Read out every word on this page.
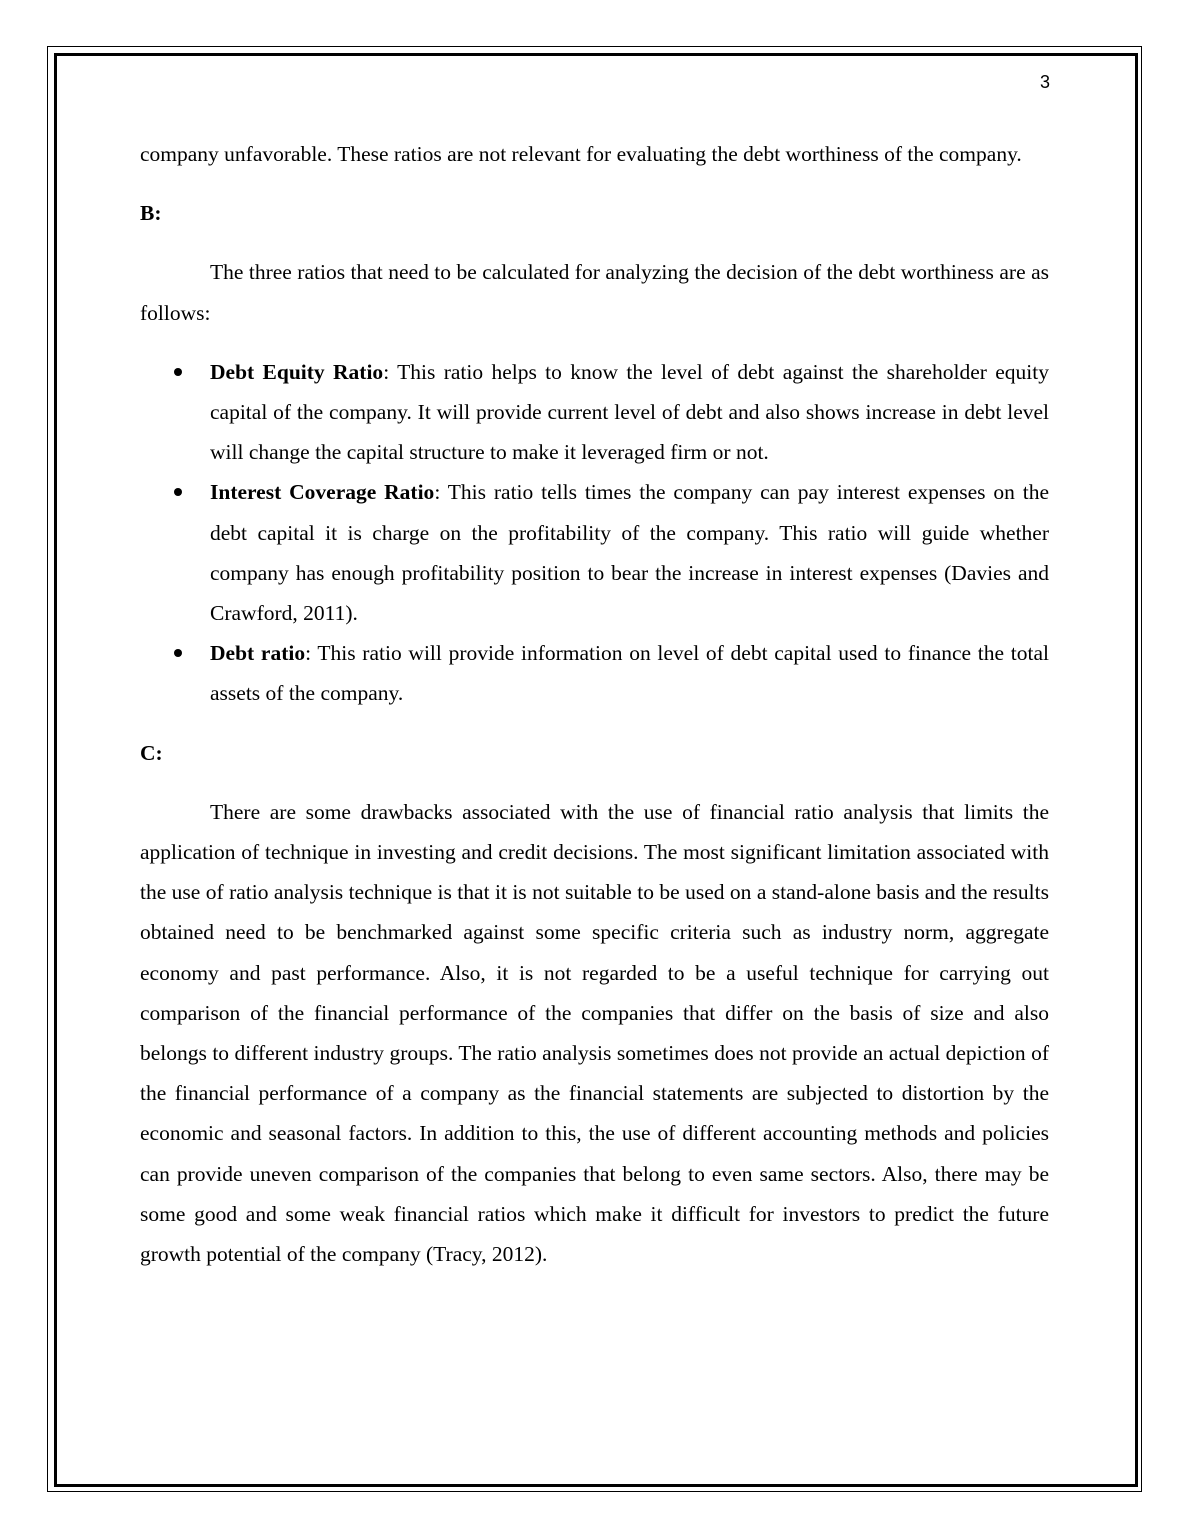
3

company unfavorable. These ratios are not relevant for evaluating the debt worthiness of the company.

B:

The three ratios that need to be calculated for analyzing the decision of the debt worthiness are as follows:

Debt Equity Ratio: This ratio helps to know the level of debt against the shareholder equity capital of the company. It will provide current level of debt and also shows increase in debt level will change the capital structure to make it leveraged firm or not.
Interest Coverage Ratio: This ratio tells times the company can pay interest expenses on the debt capital it is charge on the profitability of the company. This ratio will guide whether company has enough profitability position to bear the increase in interest expenses (Davies and Crawford, 2011).
Debt ratio: This ratio will provide information on level of debt capital used to finance the total assets of the company.

C:

There are some drawbacks associated with the use of financial ratio analysis that limits the application of technique in investing and credit decisions. The most significant limitation associated with the use of ratio analysis technique is that it is not suitable to be used on a stand-alone basis and the results obtained need to be benchmarked against some specific criteria such as industry norm, aggregate economy and past performance. Also, it is not regarded to be a useful technique for carrying out comparison of the financial performance of the companies that differ on the basis of size and also belongs to different industry groups. The ratio analysis sometimes does not provide an actual depiction of the financial performance of a company as the financial statements are subjected to distortion by the economic and seasonal factors. In addition to this, the use of different accounting methods and policies can provide uneven comparison of the companies that belong to even same sectors. Also, there may be some good and some weak financial ratios which make it difficult for investors to predict the future growth potential of the company (Tracy, 2012).
